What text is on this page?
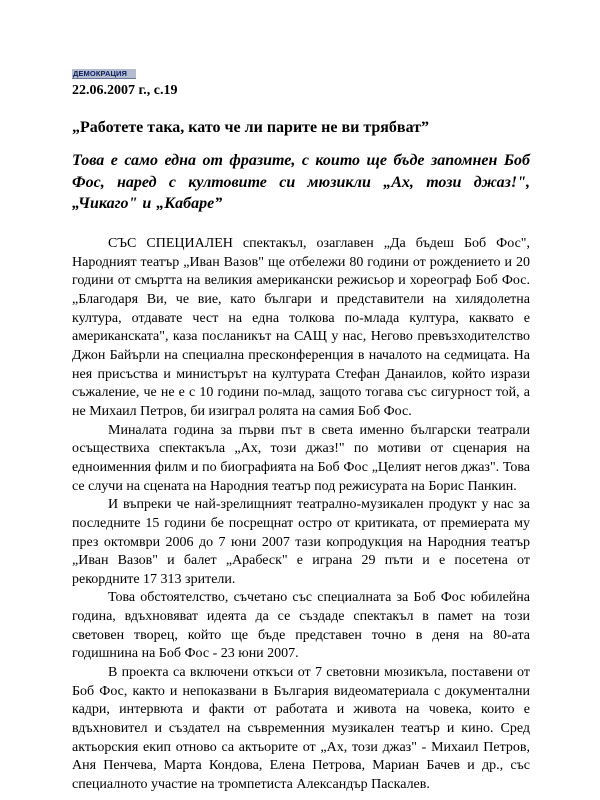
ДЕМОКРАЦИЯ
22.06.2007 г., с.19
„Работете така, като че ли парите не ви трябват”
Това е само една от фразите, с които ще бъде запомнен Боб Фос, наред с култовите си мюзикли „Ах, този джаз!", „Чикаго" и „Кабаре”

СЪС СПЕЦИАЛЕН спектакъл, озаглавен „Да бъдеш Боб Фос", Народният театър „Иван Вазов" ще отбележи 80 години от рождението и 20 години от смъртта на великия американски режисьор и хореограф Боб Фос. „Благодаря Ви, че вие, като българи и представители на хилядолетна култура, отдавате чест на една толкова по-млада култура, каквато е американската", каза посланикът на САЩ у нас, Негово превъзходителство Джон Байърли на специална пресконференция в началото на седмицата. На нея присъства и министърът на културата Стефан Данаилов, който изрази съжаление, че не е с 10 години по-млад, защото тогава със сигурност той, а не Михаил Петров, би изиграл ролята на самия Боб Фос.

Миналата година за първи път в света именно български театрали осъществиха спектакъла „Ах, този джаз!" по мотиви от сценария на едноименния филм и по биографията на Боб Фос „Целият негов джаз". Това се случи на сцената на Народния театър под режисурата на Борис Панкин.

И въпреки че най-зрелищният театрално-музикален продукт у нас за последните 15 години бе посрещнат остро от критиката, от премиерата му през октомври 2006 до 7 юни 2007 тази копродукция на Народния театър „Иван Вазов" и балет „Арабеск" е играна 29 пъти и е посетена от рекордните 17 313 зрители.

Това обстоятелство, съчетано със специалната за Боб Фос юбилейна година, вдъхновяват идеята да се създаде спектакъл в памет на този световен творец, който ще бъде представен точно в деня на 80-ата годишнина на Боб Фос - 23 юни 2007.

В проекта са включени откъси от 7 световни мюзикъла, поставени от Боб Фос, както и непоказвани в България видеоматериала с документални кадри, интервюта и факти от работата и живота на човека, които е вдъхновител и създател на съвременния музикален театър и кино. Сред актьорския екип отново са актьорите от „Ах, този джаз" - Михаил Петров, Аня Пенчева, Марта Кондова, Елена Петрова, Мариан Бачев и др., със специалното участие на тромпетиста Александър Паскалев.
